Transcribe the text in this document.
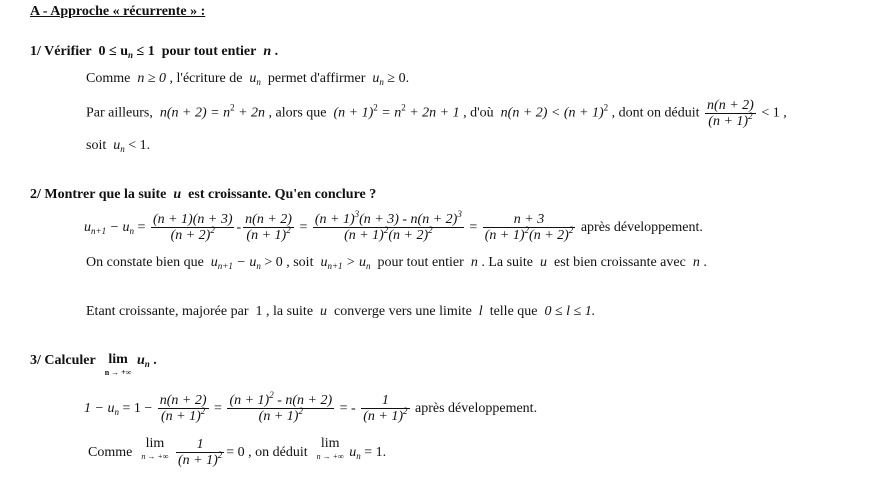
A - Approche « récurrente » :
1/ Vérifier $0 \le u_n \le 1$ pour tout entier n .
Comme n ≥ 0 , l'écriture de $u_n$ permet d'affirmer $u_n \ge 0$.
Par ailleurs, $n(n + 2) = n^2 + 2n$ , alors que $(n + 1)^2 = n^2 + 2n + 1$ , d'où $n(n + 2) < (n + 1)^2$ , dont on déduit $\frac{n(n + 2)}{(n + 1)^2} < 1$ ,
soit $u_n < 1$.
2/ Montrer que la suite u est croissante. Qu'en conclure ?
$u_{n+1} - u_n = \frac{(n + 1)(n + 3)}{(n + 2)^2} - \frac{n(n + 2)}{(n + 1)^2} = \frac{(n + 1)^3(n + 3) - n(n + 2)^3}{(n + 1)^2(n + 2)^2} = \frac{n + 3}{(n + 1)^2(n + 2)^2}$ après développement.
On constate bien que $u_{n+1} - u_n > 0$ , soit $u_{n+1} > u_n$ pour tout entier n . La suite u est bien croissante avec n .
Etant croissante, majorée par 1 , la suite u converge vers une limite l telle que 0 ≤ l ≤ 1.
3/ Calculer lim
n → +∞
$u_n$ .
$1 - u_n = 1 - \frac{n(n + 2)}{(n + 1)^2} = \frac{(n + 1)^2 - n(n + 2)}{(n + 1)^2}$ = - $\frac{1}{(n + 1)^2}$ après développement.
Comme
lim
n → +∞
$\frac{1}{(n + 1)^2} = 0$ , on déduit
lim
n → +∞ $u_n = 1$.
